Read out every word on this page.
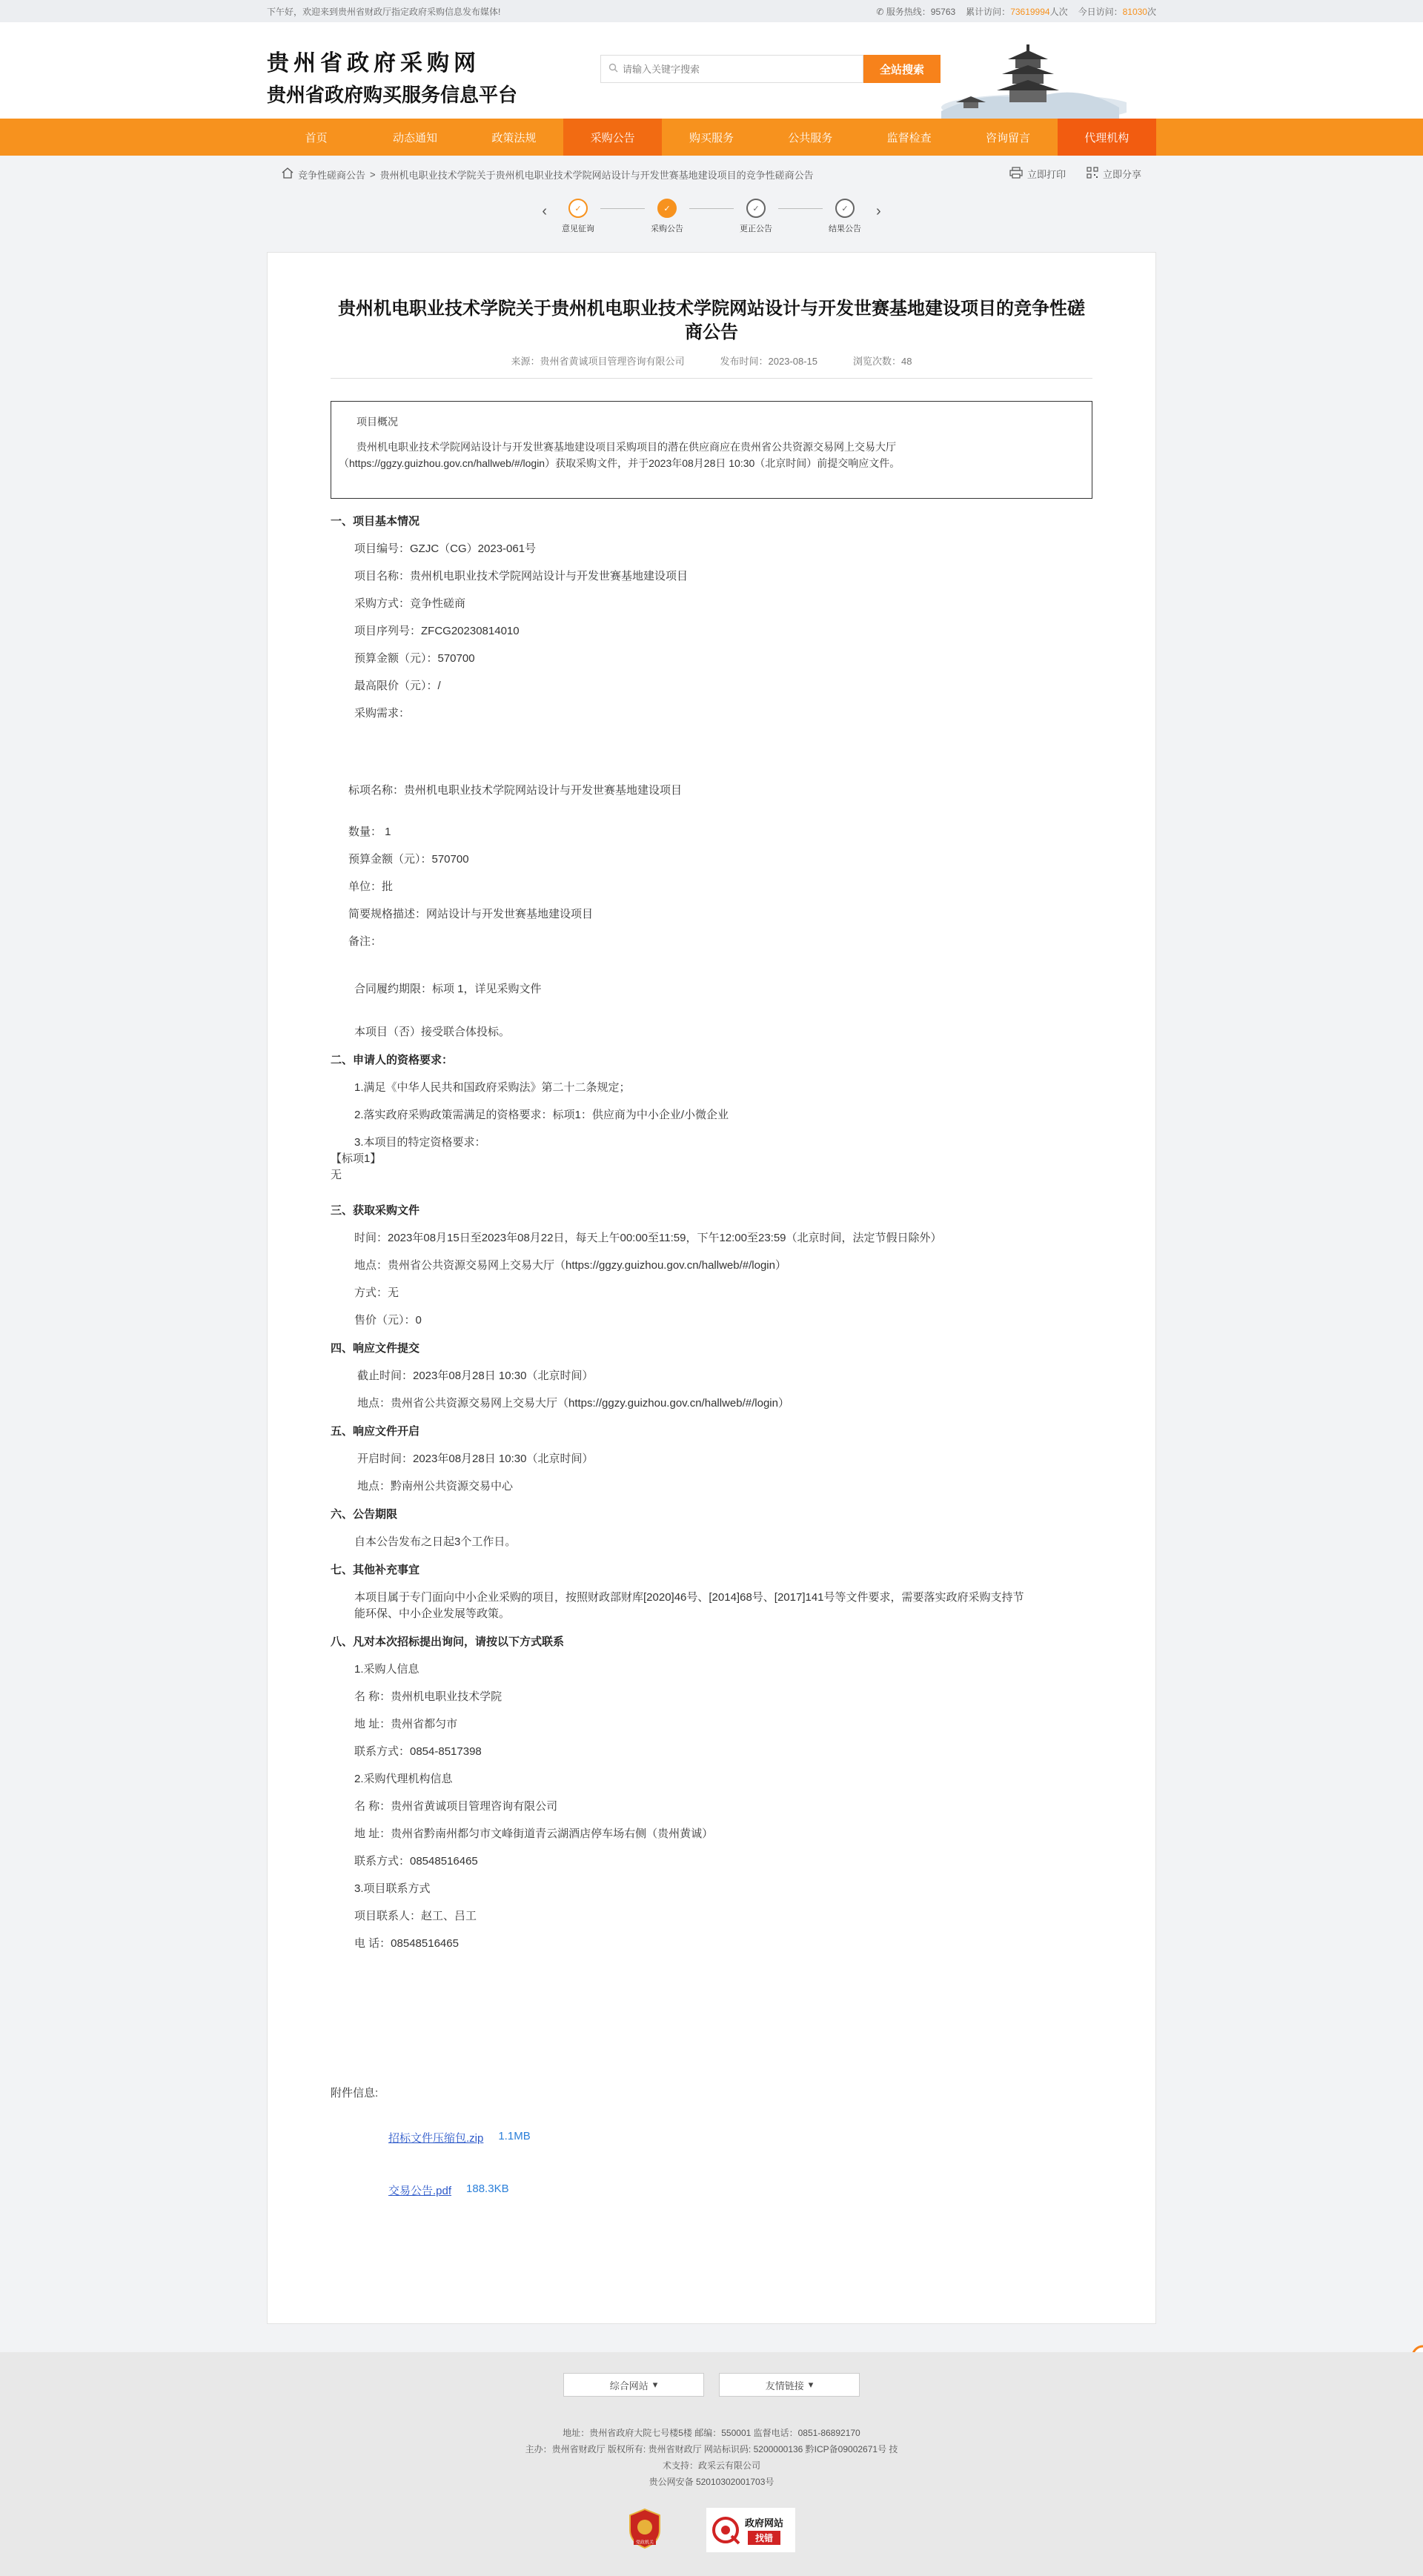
下午好，欢迎来到贵州省财政厅指定政府采购信息发布媒体!	✆ 服务热线：95763 累计访问：73619994人次 今日访问：81030次
贵州省政府采购网
贵州省政府购买服务信息平台
请输入关键字搜索
全站搜索
首页	动态通知	政策法规	采购公告	购买服务	公共服务	监督检查	咨询留言	代理机构
竞争性磋商公告 > 贵州机电职业技术学院关于贵州机电职业技术学院网站设计与开发世赛基地建设项目的竞争性磋商公告	立即打印	立即分享
‹	✓
意见征询
✓
采购公告
✓
更正公告
✓
结果公告
›
贵州机电职业技术学院关于贵州机电职业技术学院网站设计与开发世赛基地建设项目的竞争性磋商公告
来源：贵州省黄诚项目管理咨询有限公司	发布时间：2023-08-15	浏览次数：48

项目概况

贵州机电职业技术学院网站设计与开发世赛基地建设项目采购项目的潜在供应商应在贵州省公共资源交易网上交易大厅

（https://ggzy.guizhou.gov.cn/hallweb/#/login）获取采购文件，并于2023年08月28日 10:30（北京时间）前提交响应文件。

一、项目基本情况
项目编号：GZJC（CG）2023-061号
项目名称：贵州机电职业技术学院网站设计与开发世赛基地建设项目
采购方式：竞争性磋商
项目序列号：ZFCG20230814010
预算金额（元）：570700
最高限价（元）：/
采购需求：
标项名称：贵州机电职业技术学院网站设计与开发世赛基地建设项目
数量： 1
预算金额（元）：570700
单位：批
简要规格描述：网站设计与开发世赛基地建设项目
备注：
合同履约期限：标项 1，详见采购文件
本项目（否）接受联合体投标。
二、申请人的资格要求：
1.满足《中华人民共和国政府采购法》第二十二条规定；
2.落实政府采购政策需满足的资格要求：标项1：供应商为中小企业/小微企业
3.本项目的特定资格要求：
【标项1】
无
三、获取采购文件
时间：2023年08月15日至2023年08月22日，每天上午00:00至11:59，下午12:00至23:59（北京时间，法定节假日除外）
地点：贵州省公共资源交易网上交易大厅（https://ggzy.guizhou.gov.cn/hallweb/#/login）
方式：无
售价（元）：0
四、响应文件提交
截止时间：2023年08月28日 10:30（北京时间）
地点：贵州省公共资源交易网上交易大厅（https://ggzy.guizhou.gov.cn/hallweb/#/login）
五、响应文件开启
开启时间：2023年08月28日 10:30（北京时间）
地点：黔南州公共资源交易中心
六、公告期限
自本公告发布之日起3个工作日。
七、其他补充事宜
本项目属于专门面向中小企业采购的项目，按照财政部财库[2020]46号、[2014]68号、[2017]141号等文件要求，需要落实政府采购支持节
能环保、中小企业发展等政策。
八、凡对本次招标提出询问，请按以下方式联系
1.采购人信息
名 称：贵州机电职业技术学院
地 址：贵州省都匀市
联系方式：0854-8517398
2.采购代理机构信息
名 称：贵州省黄诚项目管理咨询有限公司
地 址：贵州省黔南州都匀市文峰街道青云湖酒店停车场右侧（贵州黄诚）
联系方式：08548516465
3.项目联系方式
项目联系人：赵工、吕工
电 话：08548516465
附件信息:
招标文件压缩包.zip 1.1MB
交易公告.pdf 188.3KB
综合网站 ▾	友情链接 ▾
地址：贵州省政府大院七号楼5楼 邮编：550001 监督电话：0851-86892170
主办：贵州省财政厅 版权所有: 贵州省财政厅 网站标识码: 5200000136 黔ICP备09002671号 技
术支持：政采云有限公司
贵公网安备 52010302001703号
党政机关
政府网站
找错
